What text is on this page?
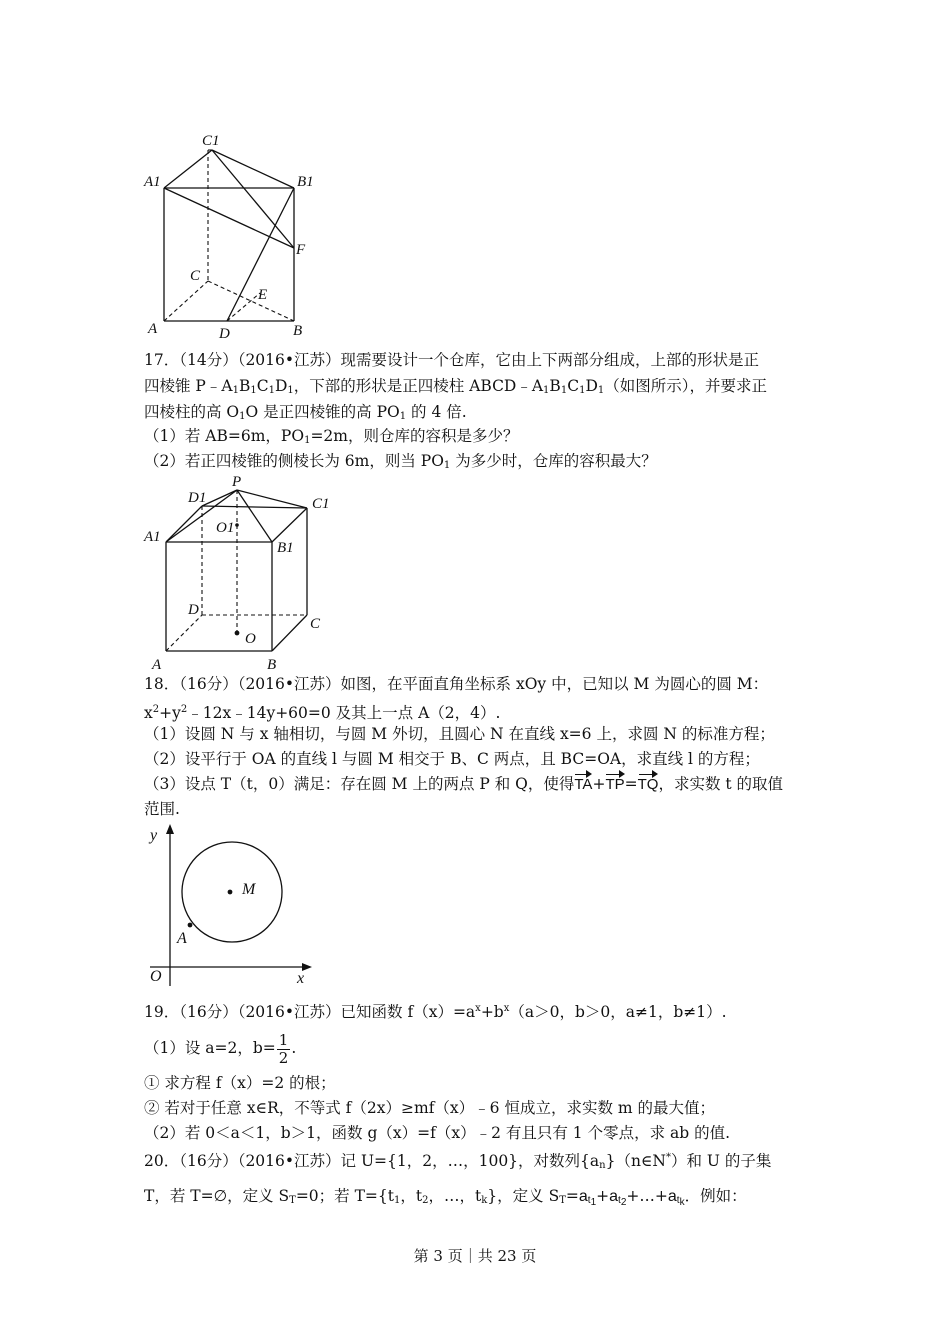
C1
A1	B1
F
C
E
A	D	B
17．（14分）（2016•江苏）现需要设计一个仓库，它由上下两部分组成，上部的形状是正
四棱锥 $P﹣A_1B_1C_1D_1$，下部的形状是正四棱柱 $ABCD﹣A_1B_1C_1D_1$（如图所示），并要求正
四棱柱的高 $O_1O$ 是正四棱锥的高 $PO_1$ 的 4 倍.
（1）若 AB=6m，$PO_1=2m$，则仓库的容积是多少？
（2）若正四棱锥的侧棱长为 6m，则当 $PO_1$ 为多少时，仓库的容积最大？
P
D1	C1
A1
O1
B1
D
C
O
A	B
18．（16分）（2016•江苏）如图，在平面直角坐标系 xOy 中，已知以 M 为圆心的圆 M：
$x^2+y^2﹣12x﹣14y+60=0$ 及其上一点 A（2，4）.
（1）设圆 N 与 x 轴相切，与圆 M 外切，且圆心 N 在直线 x=6 上，求圆 N 的标准方程；
（2）设平行于 OA 的直线 l 与圆 M 相交于 B、C 两点，且 BC=OA，求直线 l 的方程；
（3）设点 T（t，0）满足：存在圆 M 上的两点 P 和 Q，使得TA+TP=TQ，求实数 t 的取值
范围.
y
M
A
O	x
19．（16分）（2016•江苏）已知函数 $f(x)=a^x+b^x(a>0$，b＞0，a≠1，b≠1）.
（1）设 a=2，$b= \frac{1}{2}$ .
① 求方程 f（x）=2 的根；
② 若对于任意 x∈R，不等式 f（2x）≥mf（x）﹣6 恒成立，求实数 m 的最大值；
（2）若 0＜a＜1，b＞1，函数 g（x）=f（x）﹣2 有且只有 1 个零点，求 ab 的值.
20．（16分）（2016•江苏）记 U={1，2，…，100}，对数列$\{a_n\}(n\in N^*)$和 U 的子集
T，若 T=∅，定义 $S_T=0$；若 $T=\{t_1$，$t_2$，…，$t_k$}，定义 $S_T=a_{t_1}+a_{t_2}+\dots+a_{t_k}$．例如：
第 3 页｜共 23 页
